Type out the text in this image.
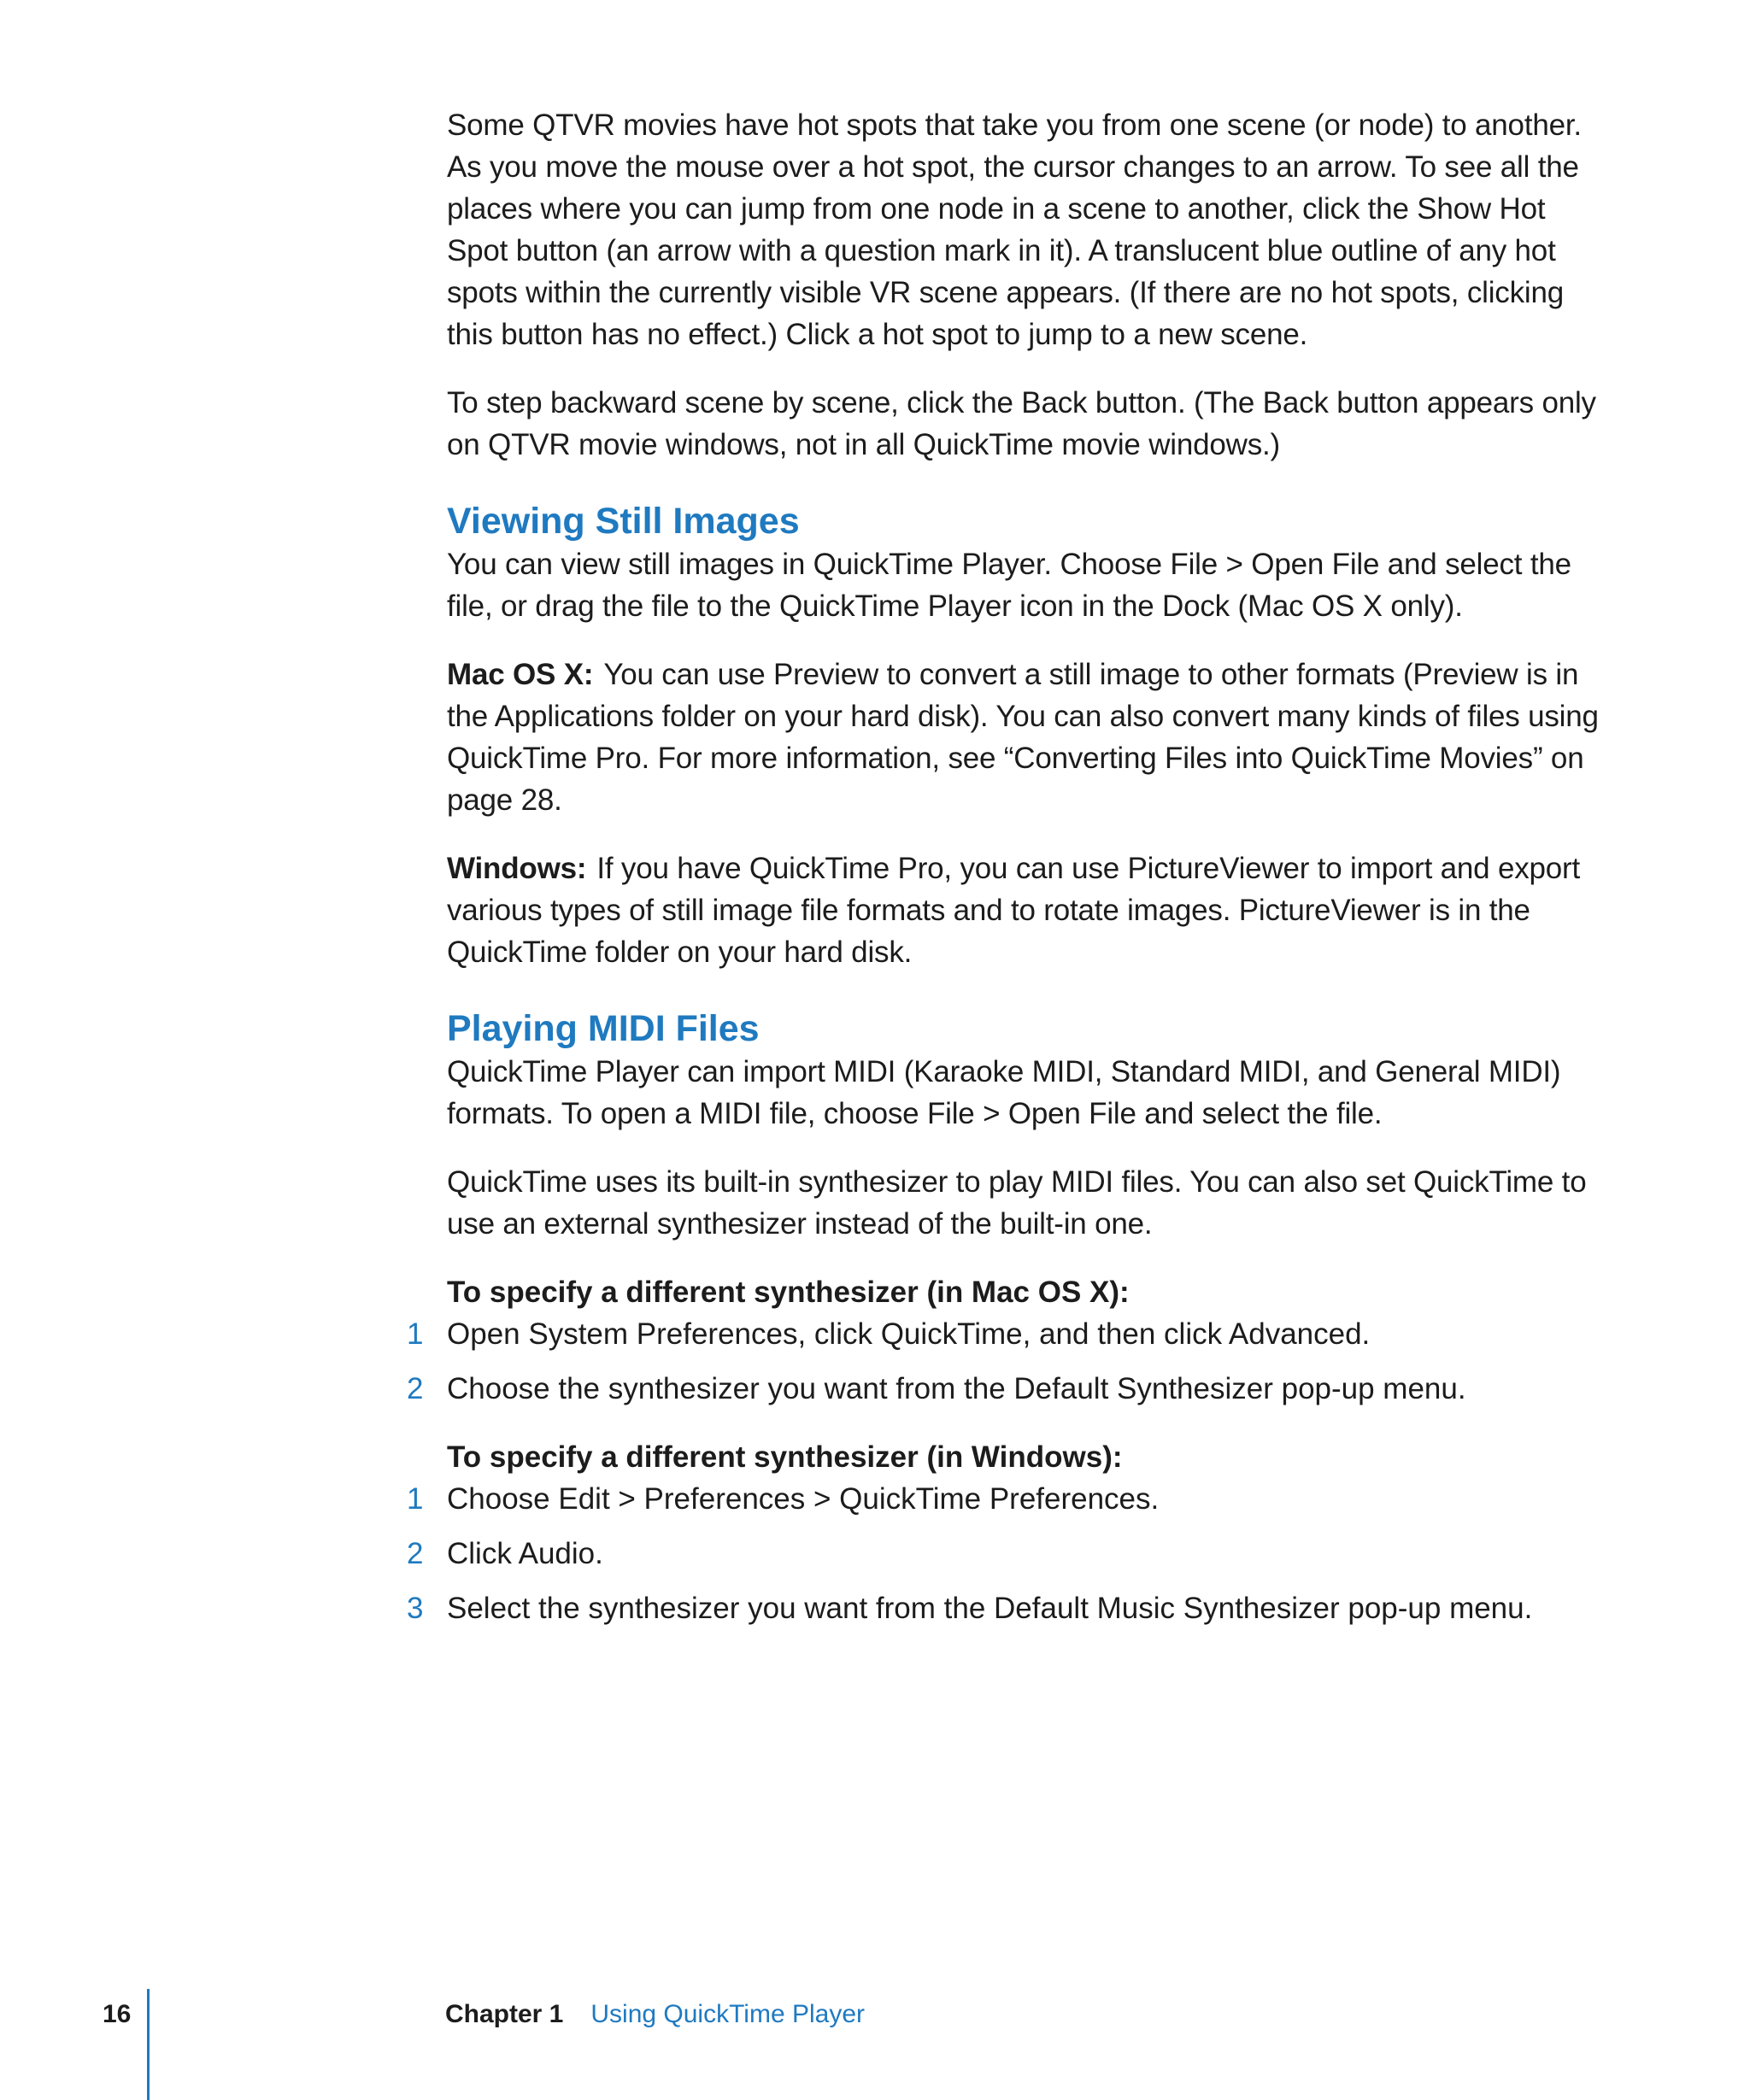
Some QTVR movies have hot spots that take you from one scene (or node) to another. As you move the mouse over a hot spot, the cursor changes to an arrow. To see all the places where you can jump from one node in a scene to another, click the Show Hot Spot button (an arrow with a question mark in it). A translucent blue outline of any hot spots within the currently visible VR scene appears. (If there are no hot spots, clicking this button has no effect.) Click a hot spot to jump to a new scene.

To step backward scene by scene, click the Back button. (The Back button appears only on QTVR movie windows, not in all QuickTime movie windows.)

Viewing Still Images

You can view still images in QuickTime Player. Choose File > Open File and select the file, or drag the file to the QuickTime Player icon in the Dock (Mac OS X only).

Mac OS X: You can use Preview to convert a still image to other formats (Preview is in the Applications folder on your hard disk). You can also convert many kinds of files using QuickTime Pro. For more information, see “Converting Files into QuickTime Movies” on page 28.

Windows: If you have QuickTime Pro, you can use PictureViewer to import and export various types of still image file formats and to rotate images. PictureViewer is in the QuickTime folder on your hard disk.

Playing MIDI Files

QuickTime Player can import MIDI (Karaoke MIDI, Standard MIDI, and General MIDI) formats. To open a MIDI file, choose File > Open File and select the file.

QuickTime uses its built-in synthesizer to play MIDI files. You can also set QuickTime to use an external synthesizer instead of the built-in one.

To specify a different synthesizer (in Mac OS X):

1 Open System Preferences, click QuickTime, and then click Advanced.
2 Choose the synthesizer you want from the Default Synthesizer pop-up menu.

To specify a different synthesizer (in Windows):

1 Choose Edit > Preferences > QuickTime Preferences.
2 Click Audio.
3 Select the synthesizer you want from the Default Music Synthesizer pop-up menu.
16	Chapter 1 Using QuickTime Player
